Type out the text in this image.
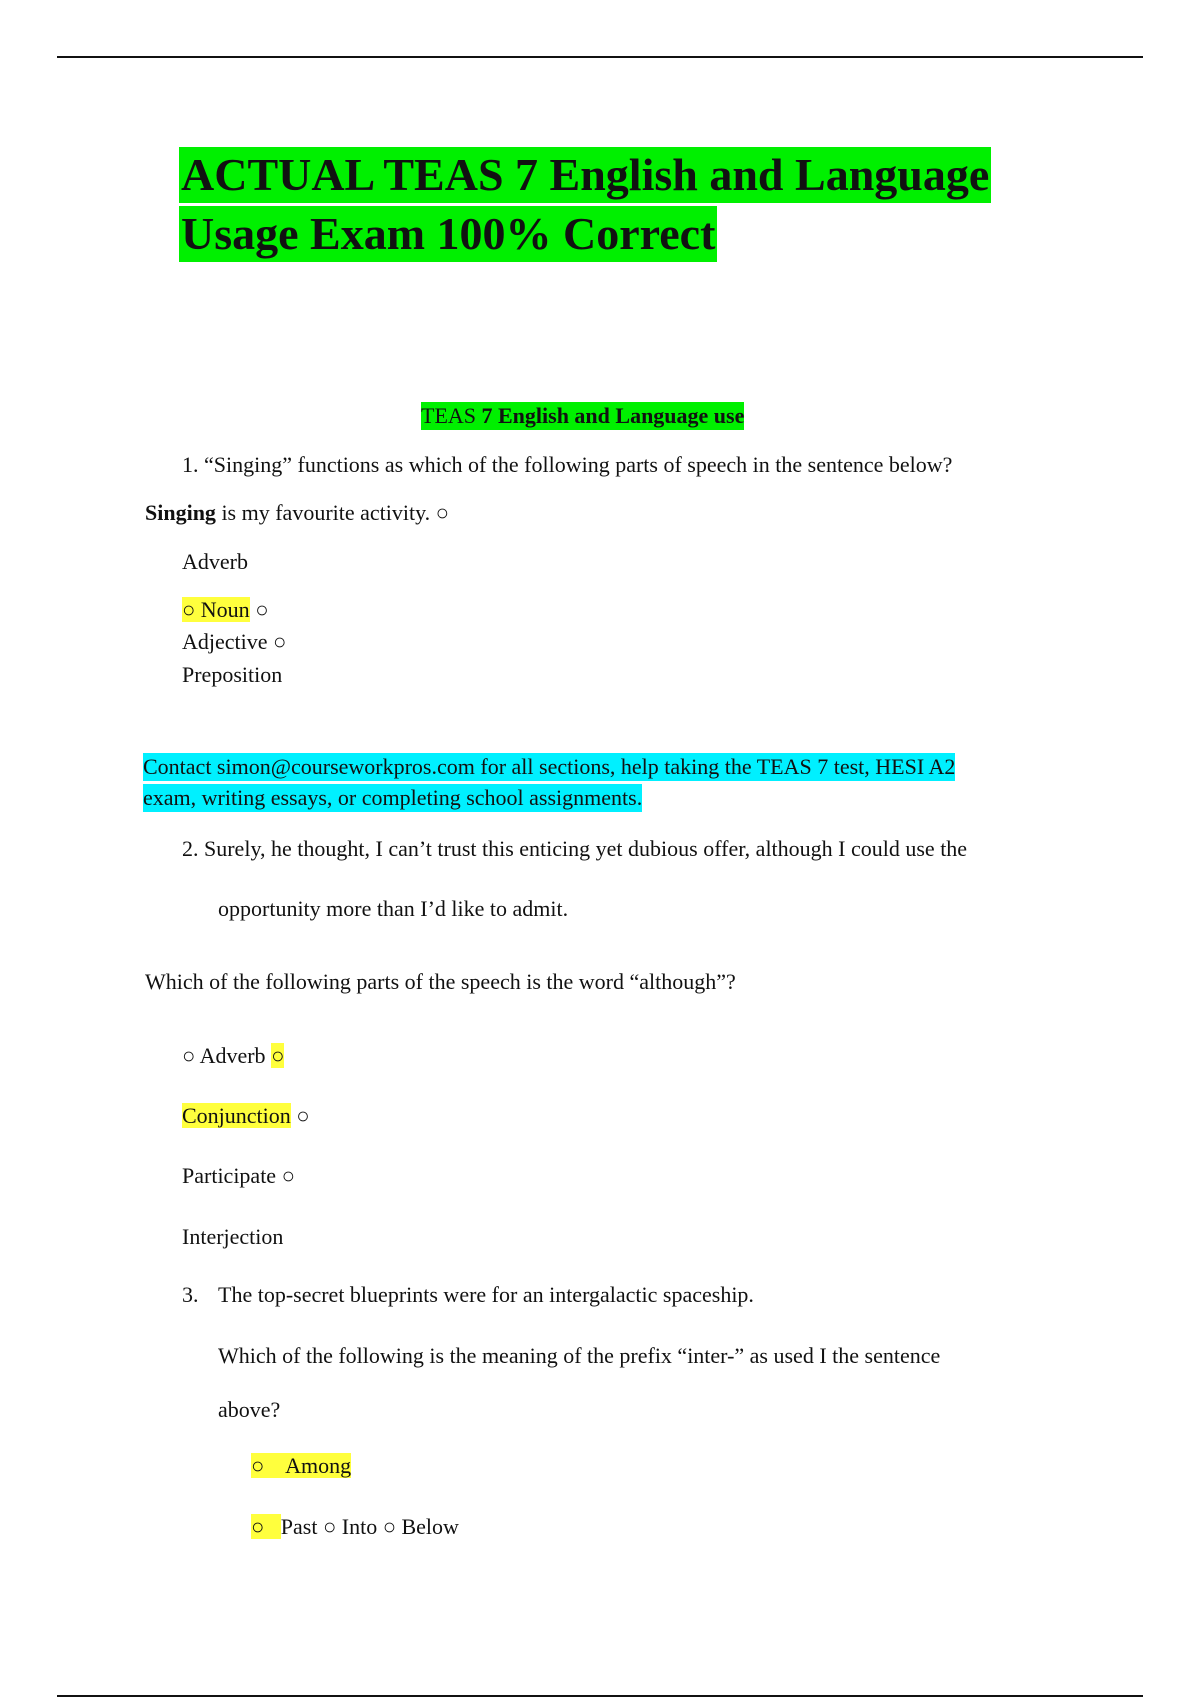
ACTUAL TEAS 7 English and Language
Usage Exam 100% Correct
TEAS 7 English and Language use
1. “Singing” functions as which of the following parts of speech in the sentence below?
Singing is my favourite activity. ○
Adverb
○ Noun ○
Adjective ○
Preposition
Contact simon@courseworkpros.com for all sections, help taking the TEAS 7 test, HESI A2
exam, writing essays, or completing school assignments.
2. Surely, he thought, I can’t trust this enticing yet dubious offer, although I could use the
opportunity more than I’d like to admit.
Which of the following parts of the speech is the word “although”?
○ Adverb ○
Conjunction ○
Participate ○
Interjection
3. The top-secret blueprints were for an intergalactic spaceship.
Which of the following is the meaning of the prefix “inter-” as used I the sentence
above?
○    Among
○   Past ○ Into ○ Below
